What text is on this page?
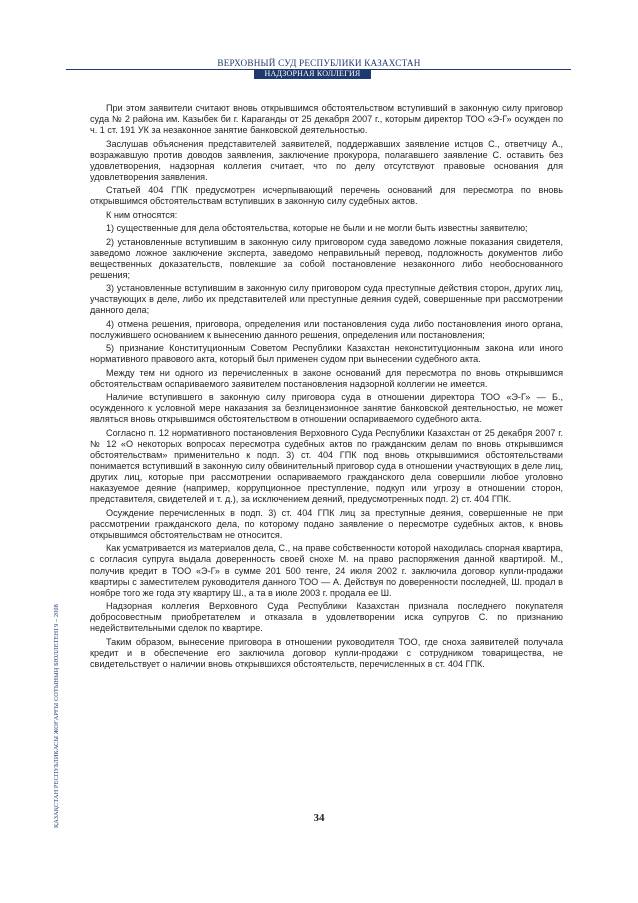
ВЕРХОВНЫЙ СУД РЕСПУБЛИКИ КАЗАХСТАН
НАДЗОРНАЯ КОЛЛЕГИЯ
ҚАЗАҚСТАН РЕСПУБЛИКАСЫ ЖОҒАРҒЫ СОТЫНЫҢ БЮЛЛЕТЕНІ 9 – 2008

При этом заявители считают вновь открывшимся обстоятельством вступивший в законную силу приговор суда № 2 района им. Казыбек би г. Караганды от 25 декабря 2007 г., которым директор ТОО «Э-Г» осужден по ч. 1 ст. 191 УК за незаконное занятие банковской деятельностью.

Заслушав объяснения представителей заявителей, поддержавших заявление истцов С., ответчицу А., возражавшую против доводов заявления, заключение прокурора, полагавшего заявление С. оставить без удовлетворения, надзорная коллегия считает, что по делу отсутствуют правовые основания для удовлетворения заявления.

Статьей 404 ГПК предусмотрен исчерпывающий перечень оснований для пересмотра по вновь открывшимся обстоятельствам вступивших в законную силу судебных актов.

К ним относятся:

1) существенные для дела обстоятельства, которые не были и не могли быть известны заявителю;

2) установленные вступившим в законную силу приговором суда заведомо ложные показания свидетеля, заведомо ложное заключение эксперта, заведомо неправильный перевод, подложность документов либо вещественных доказательств, повлекшие за собой постановление незаконного либо необоснованного решения;

3) установленные вступившим в законную силу приговором суда преступные действия сторон, других лиц, участвующих в деле, либо их представителей или преступные деяния судей, совершенные при рассмотрении данного дела;

4) отмена решения, приговора, определения или постановления суда либо постановления иного органа, послужившего основанием к вынесению данного решения, определения или постановления;

5) признание Конституционным Советом Республики Казахстан неконституционным закона или иного нормативного правового акта, который был применен судом при вынесении судебного акта.

Между тем ни одного из перечисленных в законе оснований для пересмотра по вновь открывшимся обстоятельствам оспариваемого заявителем постановления надзорной коллегии не имеется.

Наличие вступившего в законную силу приговора суда в отношении директора ТОО «Э-Г» — Б., осужденного к условной мере наказания за безлицензионное занятие банковской деятельностью, не может являться вновь открывшимся обстоятельством в отношении оспариваемого судебного акта.

Согласно п. 12 нормативного постановления Верховного Суда Республики Казахстан от 25 декабря 2007 г. № 12 «О некоторых вопросах пересмотра судебных актов по гражданским делам по вновь открывшимся обстоятельствам» применительно к подп. 3) ст. 404 ГПК под вновь открывшимися обстоятельствами понимается вступивший в законную силу обвинительный приговор суда в отношении участвующих в деле лиц, других лиц, которые при рассмотрении оспариваемого гражданского дела совершили любое уголовно наказуемое деяние (например, коррупционное преступление, подкуп или угрозу в отношении сторон, представителя, свидетелей и т. д.), за исключением деяний, предусмотренных подп. 2) ст. 404 ГПК.

Осуждение перечисленных в подп. 3) ст. 404 ГПК лиц за преступные деяния, совершенные не при рассмотрении гражданского дела, по которому подано заявление о пересмотре судебных актов, к вновь открывшимся обстоятельствам не относится.

Как усматривается из материалов дела, С., на праве собственности которой находилась спорная квартира, с согласия супруга выдала доверенность своей снохе М. на право распоряжения данной квартирой. М., получив кредит в ТОО «Э-Г» в сумме 201 500 тенге, 24 июля 2002 г. заключила договор купли-продажи квартиры с заместителем руководителя данного ТОО — А. Действуя по доверенности последней, Ш. продал в ноябре того же года эту квартиру Ш., а та в июле 2003 г. продала ее Ш.

Надзорная коллегия Верховного Суда Республики Казахстан признала последнего покупателя добросовестным приобретателем и отказала в удовлетворении иска супругов С. по признанию недействительными сделок по квартире.

Таким образом, вынесение приговора в отношении руководителя ТОО, где сноха заявителей получала кредит и в обеспечение его заключила договор купли-продажи с сотрудником товарищества, не свидетельствует о наличии вновь открывшихся обстоятельств, перечисленных в ст. 404 ГПК.

34
